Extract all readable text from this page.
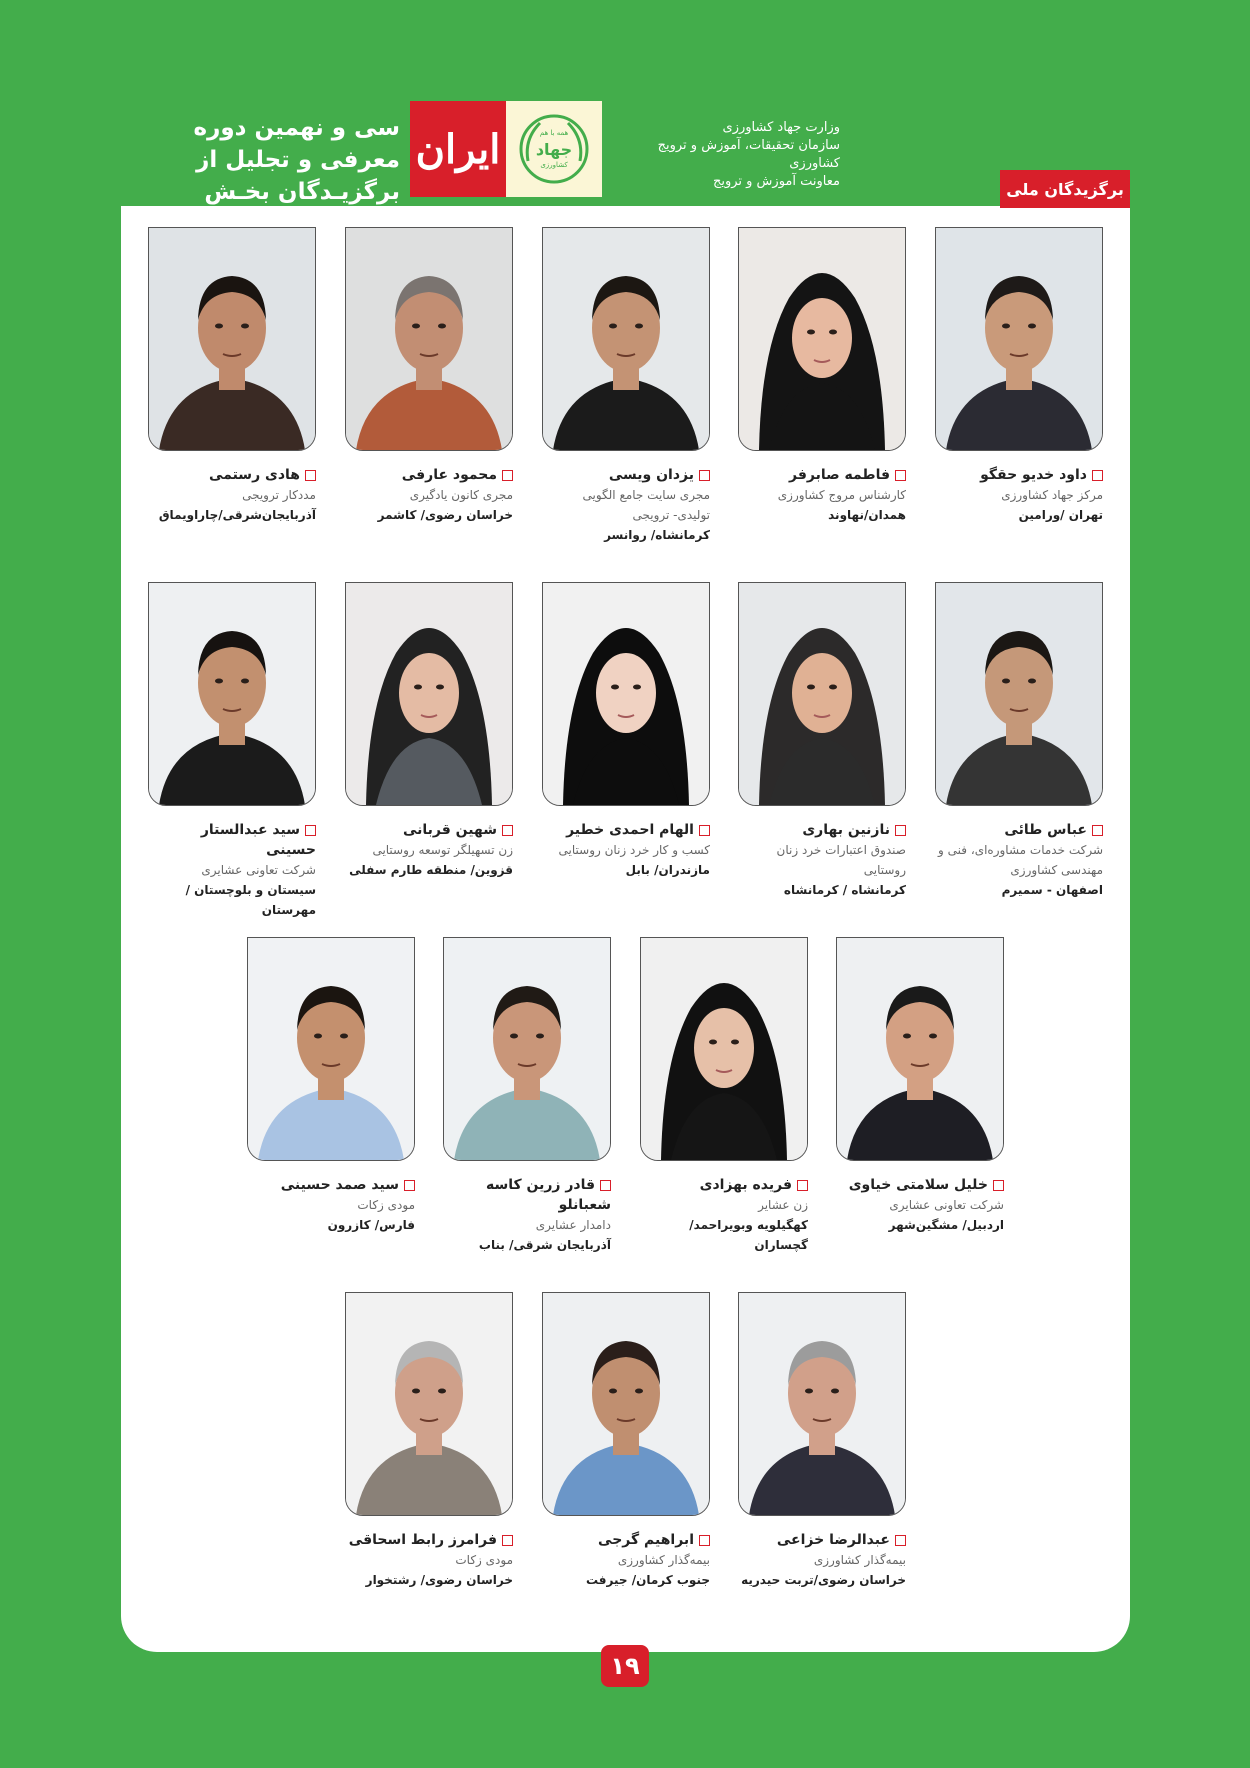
سی و نهمین دوره معرفی و تجلیل از
برگزیـدگان بخـش
ایران	همه با هم
جهاد
کشاورزی
وزارت جهاد کشاورزی
سازمان تحقیقات، آموزش و ترویج کشاورزی
معاونت آموزش و ترویج	برگزیدگان ملی
داود خدیو حقگو
مرکز جهاد کشاورزی
تهران /ورامین
فاطمه صابرفر
کارشناس مروج کشاورزی
همدان/نهاوند
یزدان ویسی
مجری سایت جامع الگویی تولیدی- ترویجی
کرمانشاه/ روانسر
محمود عارفی
مجری کانون یادگیری
خراسان رضوی/ کاشمر
هادی رستمی
مددکار ترویجی
آذربایجان‌شرقی/چاراویماق
عباس طائی
شرکت خدمات مشاوره‌ای، فنی و مهندسی کشاورزی
اصفهان - سمیرم
نازنین بهاری
صندوق اعتبارات خرد زنان روستایی
کرمانشاه / کرمانشاه
الهام احمدی خطیر
کسب و کار خرد زنان روستایی
مازندران/ بابل
شهین قربانی
زن تسهیلگر توسعه روستایی
قزوین/ منطقه طارم سفلی
سید عبدالستار حسینی
شرکت تعاونی عشایری
سیستان و بلوچستان / مهرستان
خلیل سلامتی خیاوی
شرکت تعاونی عشایری
اردبیل/ مشگین‌شهر
فریده بهزادی
زن عشایر
کهگیلویه وبویراحمد/ گچساران
قادر زرین کاسه شعبانلو
دامدار عشایری
آذربایجان شرقی/ بناب
سید صمد حسینی
مودی زکات
فارس/ کازرون
عبدالرضا خزاعی
بیمه‌گذار کشاورزی
خراسان رضوی/تربت حیدریه
ابراهیم گرجی
بیمه‌گذار کشاورزی
جنوب کرمان/ جیرفت
فرامرز رابط اسحاقی
مودی زکات
خراسان رضوی/ رشتخوار
۱۹
